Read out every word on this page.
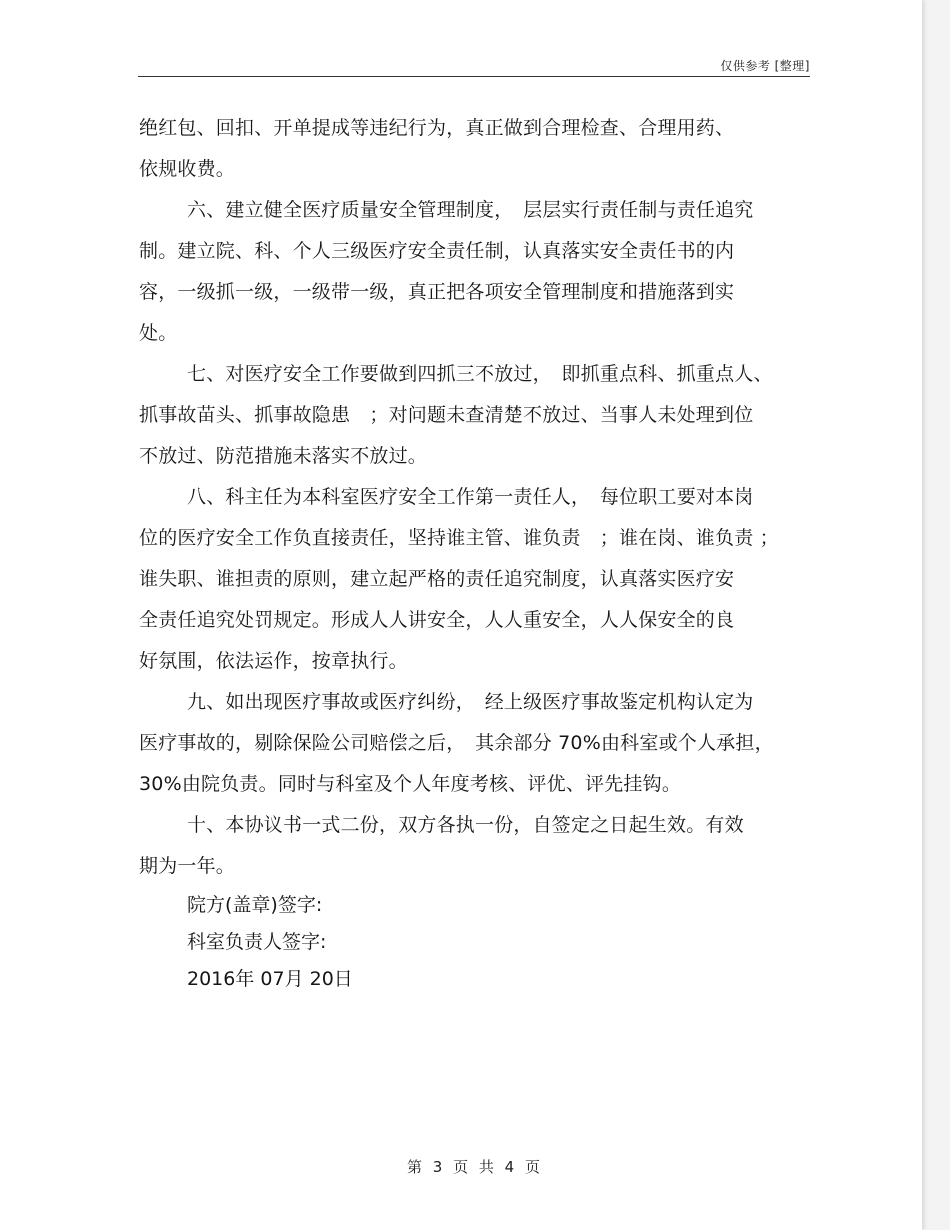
仅供参考 [整理]
绝红包、回扣、开单提成等违纪行为，真正做到合理检查、合理用药、
依规收费。
六、建立健全医疗质量安全管理制度，　层层实行责任制与责任追究
制。建立院、科、个人三级医疗安全责任制，认真落实安全责任书的内
容，一级抓一级，一级带一级，真正把各项安全管理制度和措施落到实
处。
七、对医疗安全工作要做到四抓三不放过，　即抓重点科、抓重点人、
抓事故苗头、抓事故隐患　；对问题未查清楚不放过、当事人未处理到位
不放过、防范措施未落实不放过。
八、科主任为本科室医疗安全工作第一责任人，　每位职工要对本岗
位的医疗安全工作负直接责任，坚持谁主管、谁负责　；谁在岗、谁负责 ；
谁失职、谁担责的原则，建立起严格的责任追究制度，认真落实医疗安
全责任追究处罚规定。形成人人讲安全，人人重安全，人人保安全的良
好氛围，依法运作，按章执行。
九、如出现医疗事故或医疗纠纷，　经上级医疗事故鉴定机构认定为
医疗事故的，剔除保险公司赔偿之后，　其余部分 70%由科室或个人承担，
30%由院负责。同时与科室及个人年度考核、评优、评先挂钩。
十、本协议书一式二份，双方各执一份，自签定之日起生效。有效
期为一年。
院方(盖章)签字:
科室负责人签字:
2016年 07月 20日
第 3 页 共 4 页
